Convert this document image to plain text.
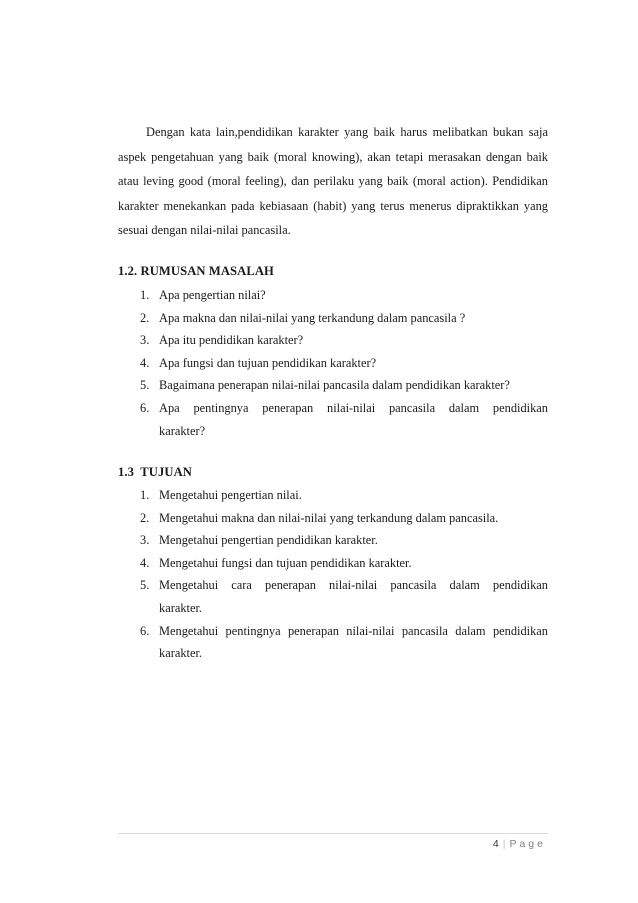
Dengan kata lain,pendidikan karakter yang baik harus melibatkan bukan saja aspek pengetahuan yang baik (moral knowing), akan tetapi merasakan dengan baik atau leving good (moral feeling), dan perilaku yang baik (moral action). Pendidikan karakter menekankan pada kebiasaan (habit) yang terus menerus dipraktikkan yang sesuai dengan nilai-nilai pancasila.

1.2. RUMUSAN MASALAH
1. Apa pengertian nilai?
2. Apa makna dan nilai-nilai yang terkandung dalam pancasila ?
3. Apa itu pendidikan karakter?
4. Apa fungsi dan tujuan pendidikan karakter?
5. Bagaimana penerapan nilai-nilai pancasila dalam pendidikan karakter?
6. Apa pentingnya penerapan nilai-nilai pancasila dalam pendidikan
karakter?
1.3  TUJUAN
1. Mengetahui pengertian nilai.
2. Mengetahui makna dan nilai-nilai yang terkandung dalam pancasila.
3. Mengetahui pengertian pendidikan karakter.
4. Mengetahui fungsi dan tujuan pendidikan karakter.
5. Mengetahui cara penerapan nilai-nilai pancasila dalam pendidikan
karakter.
6. Mengetahui pentingnya penerapan nilai-nilai pancasila dalam pendidikan
karakter.
4 | Page
